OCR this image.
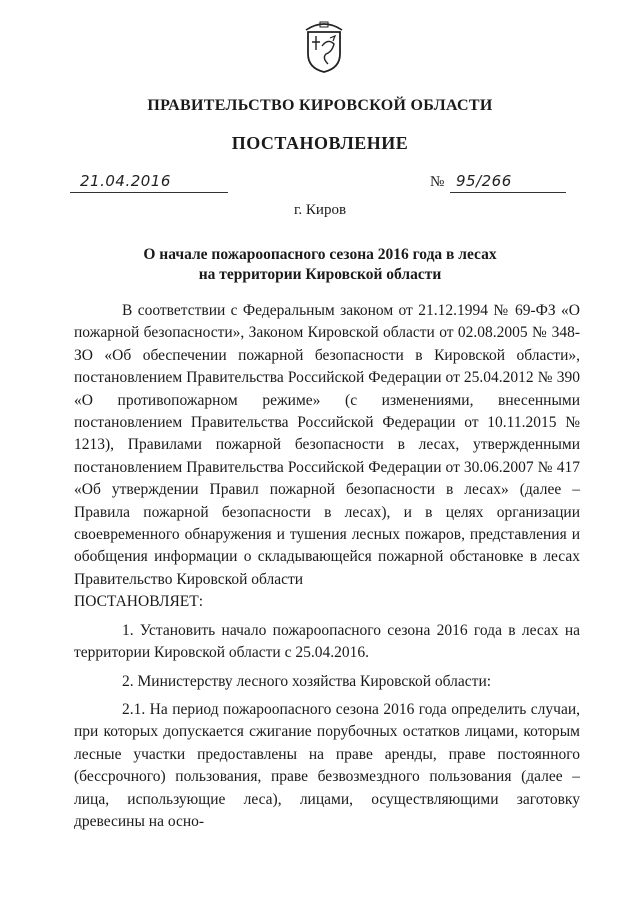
ПРАВИТЕЛЬСТВО КИРОВСКОЙ ОБЛАСТИ
ПОСТАНОВЛЕНИЕ
21.04.2016	№ 95/266
г. Киров
О начале пожароопасного сезона 2016 года в лесах
на территории Кировской области

В соответствии с Федеральным законом от 21.12.1994 № 69-ФЗ «О пожарной безопасности», Законом Кировской области от 02.08.2005 № 348-ЗО «Об обеспечении пожарной безопасности в Кировской области», постановлением Правительства Российской Федерации от 25.04.2012 № 390 «О противопожарном режиме» (с изменениями, внесенными постановлением Правительства Российской Федерации от 10.11.2015 № 1213), Правилами пожарной безопасности в лесах, утвержденными постановлением Правительства Российской Федерации от 30.06.2007 № 417 «Об утверждении Правил пожарной безопасности в лесах» (далее – Правила пожарной безопасности в лесах), и в целях организации своевременного обнаружения и тушения лесных пожаров, представления и обобщения информации о складывающейся пожарной обстановке в лесах Правительство Кировской области

ПОСТАНОВЛЯЕТ:

1. Установить начало пожароопасного сезона 2016 года в лесах на территории Кировской области с 25.04.2016.

2. Министерству лесного хозяйства Кировской области:

2.1. На период пожароопасного сезона 2016 года определить случаи, при которых допускается сжигание порубочных остатков лицами, которым лесные участки предоставлены на праве аренды, праве постоянного (бессрочного) пользования, праве безвозмездного пользования (далее – лица, использующие леса), лицами, осуществляющими заготовку древесины на осно-
